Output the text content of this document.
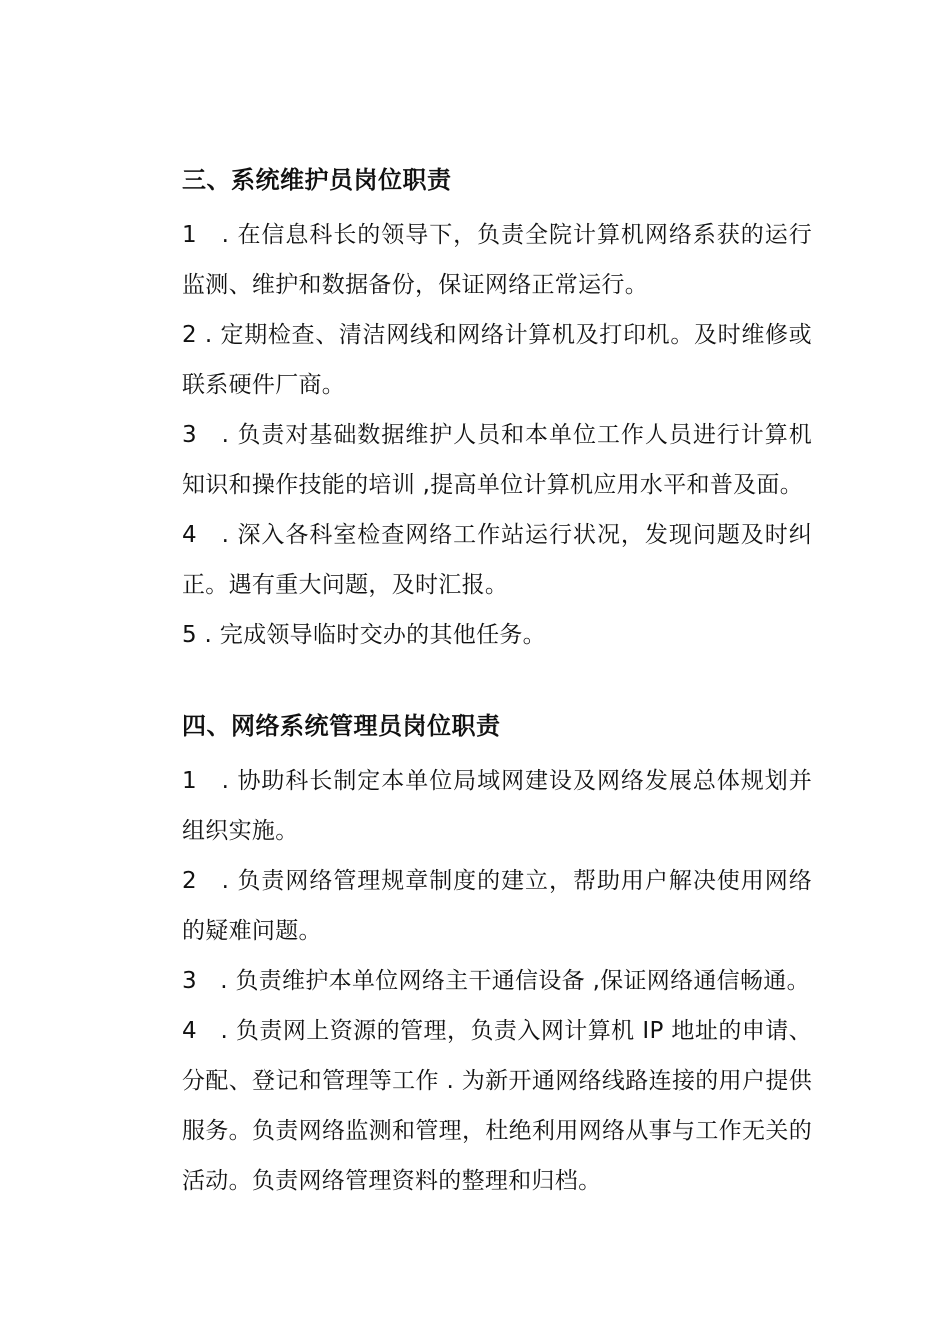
三、系统维护员岗位职责

1　. 在信息科长的领导下，负责全院计算机网络系获的运行监测、维护和数据备份，保证网络正常运行。

2 . 定期检查、清洁网线和网络计算机及打印机。及时维修或联系硬件厂商。

3　. 负责对基础数据维护人员和本单位工作人员进行计算机知识和操作技能的培训 ,提高单位计算机应用水平和普及面。

4　. 深入各科室检查网络工作站运行状况，发现问题及时纠正。遇有重大问题，及时汇报。

5 . 完成领导临时交办的其他任务。

四、网络系统管理员岗位职责

1　. 协助科长制定本单位局域网建设及网络发展总体规划并组织实施。

2　. 负责网络管理规章制度的建立，帮助用户解决使用网络的疑难问题。

3　. 负责维护本单位网络主干通信设备 ,保证网络通信畅通。

4　. 负责网上资源的管理，负责入网计算机 IP 地址的申请、分配、登记和管理等工作 . 为新开通网络线路连接的用户提供服务。负责网络监测和管理，杜绝利用网络从事与工作无关的活动。负责网络管理资料的整理和归档。
